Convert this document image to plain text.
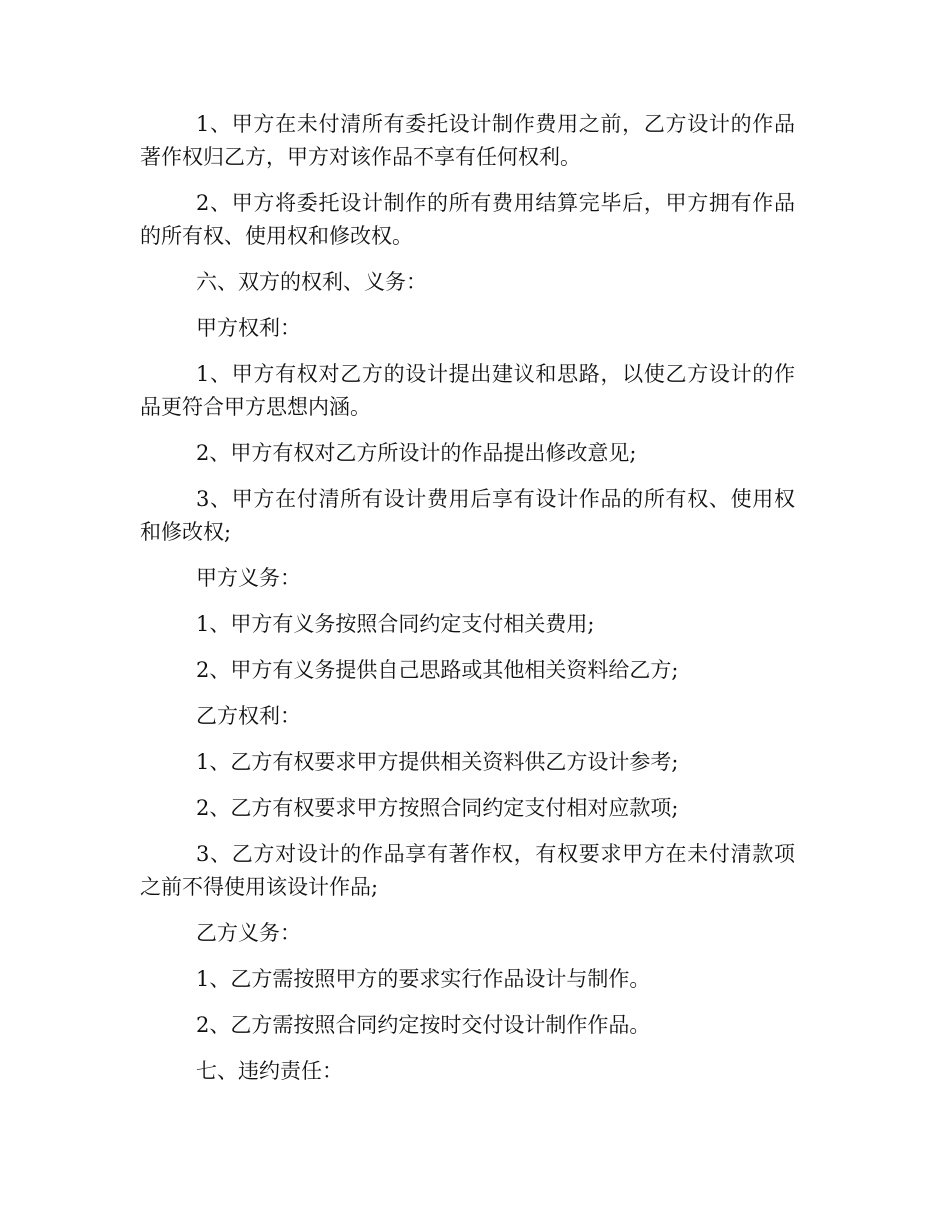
1、甲方在未付清所有委托设计制作费用之前，乙方设计的作品著作权归乙方，甲方对该作品不享有任何权利。

2、甲方将委托设计制作的所有费用结算完毕后，甲方拥有作品的所有权、使用权和修改权。

六、双方的权利、义务：

甲方权利：

1、甲方有权对乙方的设计提出建议和思路，以使乙方设计的作品更符合甲方思想内涵。

2、甲方有权对乙方所设计的作品提出修改意见;

3、甲方在付清所有设计费用后享有设计作品的所有权、使用权和修改权;

甲方义务：

1、甲方有义务按照合同约定支付相关费用;

2、甲方有义务提供自己思路或其他相关资料给乙方;

乙方权利：

1、乙方有权要求甲方提供相关资料供乙方设计参考;

2、乙方有权要求甲方按照合同约定支付相对应款项;

3、乙方对设计的作品享有著作权，有权要求甲方在未付清款项之前不得使用该设计作品;

乙方义务：

1、乙方需按照甲方的要求实行作品设计与制作。

2、乙方需按照合同约定按时交付设计制作作品。

七、违约责任：
